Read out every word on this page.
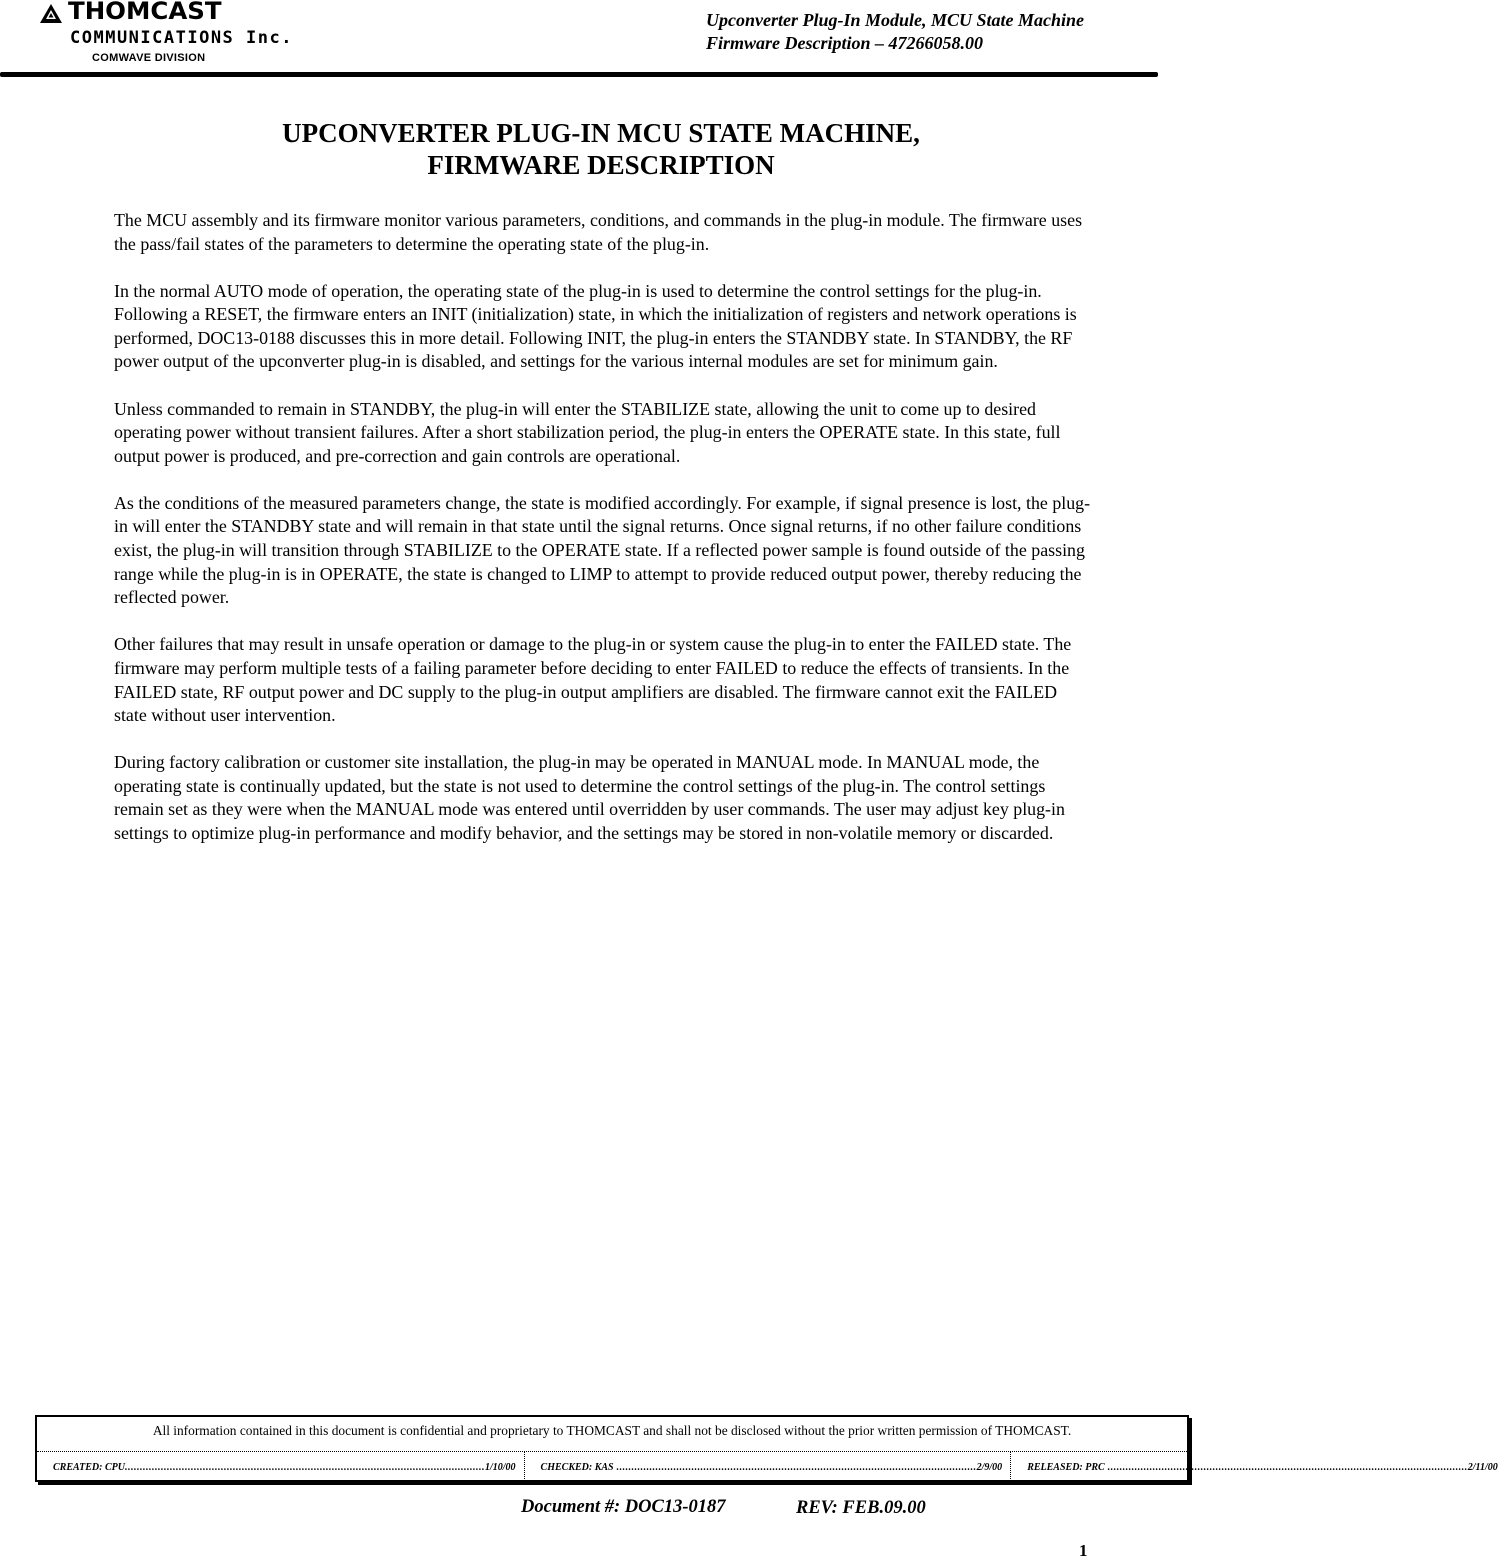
THOMCAST
COMMUNICATIONS Inc.
COMWAVE DIVISION
Upconverter Plug-In Module, MCU State Machine
Firmware Description – 47266058.00
UPCONVERTER PLUG-IN MCU STATE MACHINE,
FIRMWARE DESCRIPTION

The MCU assembly and its firmware monitor various parameters, conditions, and commands in the plug-in module. The firmware uses the pass/fail states of the parameters to determine the operating state of the plug-in.

In the normal AUTO mode of operation, the operating state of the plug-in is used to determine the control settings for the plug-in. Following a RESET, the firmware enters an INIT (initialization) state, in which the initialization of registers and network operations is performed, DOC13-0188 discusses this in more detail. Following INIT, the plug-in enters the STANDBY state. In STANDBY, the RF power output of the upconverter plug-in is disabled, and settings for the various internal modules are set for minimum gain.

Unless commanded to remain in STANDBY, the plug-in will enter the STABILIZE state, allowing the unit to come up to desired operating power without transient failures. After a short stabilization period, the plug-in enters the OPERATE state. In this state, full output power is produced, and pre-correction and gain controls are operational.

As the conditions of the measured parameters change, the state is modified accordingly. For example, if signal presence is lost, the plug-in will enter the STANDBY state and will remain in that state until the signal returns. Once signal returns, if no other failure conditions exist, the plug-in will transition through STABILIZE to the OPERATE state. If a reflected power sample is found outside of the passing range while the plug-in is in OPERATE, the state is changed to LIMP to attempt to provide reduced output power, thereby reducing the reflected power.

Other failures that may result in unsafe operation or damage to the plug-in or system cause the plug-in to enter the FAILED state. The firmware may perform multiple tests of a failing parameter before deciding to enter FAILED to reduce the effects of transients. In the FAILED state, RF output power and DC supply to the plug-in output amplifiers are disabled. The firmware cannot exit the FAILED state without user intervention.

During factory calibration or customer site installation, the plug-in may be operated in MANUAL mode. In MANUAL mode, the operating state is continually updated, but the state is not used to determine the control settings of the plug-in. The control settings remain set as they were when the MANUAL mode was entered until overridden by user commands. The user may adjust key plug-in settings to optimize plug-in performance and modify behavior, and the settings may be stored in non-volatile memory or discarded.

All information contained in this document is confidential and proprietary to THOMCAST and shall not be disclosed without the prior written permission of THOMCAST.
CREATED: CPU ........................................................................................................................ 1/10/00	CHECKED: KAS ........................................................................................................................ 2/9/00	RELEASED: PRC ........................................................................................................................ 2/11/00
Document #: DOC13-0187	REV: FEB.09.00
1
